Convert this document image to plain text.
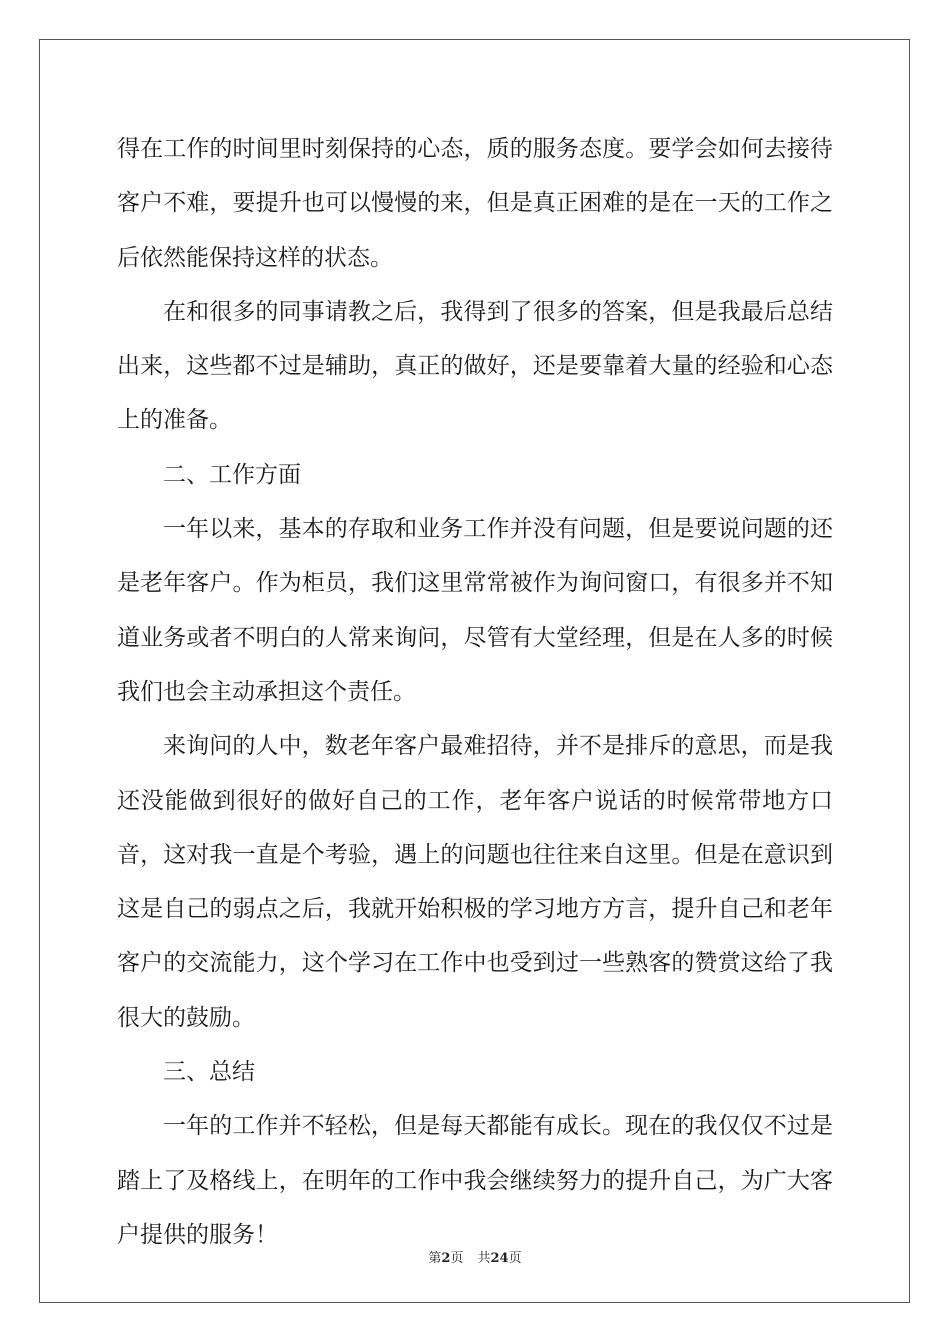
得在工作的时间里时刻保持的心态，质的服务态度。要学会如何去接待客户不难，要提升也可以慢慢的来，但是真正困难的是在一天的工作之后依然能保持这样的状态。

在和很多的同事请教之后，我得到了很多的答案，但是我最后总结出来，这些都不过是辅助，真正的做好，还是要靠着大量的经验和心态上的准备。

二、工作方面

一年以来，基本的存取和业务工作并没有问题，但是要说问题的还是老年客户。作为柜员，我们这里常常被作为询问窗口，有很多并不知道业务或者不明白的人常来询问，尽管有大堂经理，但是在人多的时候我们也会主动承担这个责任。

来询问的人中，数老年客户最难招待，并不是排斥的意思，而是我还没能做到很好的做好自己的工作，老年客户说话的时候常带地方口音，这对我一直是个考验，遇上的问题也往往来自这里。但是在意识到这是自己的弱点之后，我就开始积极的学习地方方言，提升自己和老年客户的交流能力，这个学习在工作中也受到过一些熟客的赞赏这给了我很大的鼓励。

三、总结

一年的工作并不轻松，但是每天都能有成长。现在的我仅仅不过是踏上了及格线上，在明年的工作中我会继续努力的提升自己，为广大客户提供的服务！

第2页 共24页
